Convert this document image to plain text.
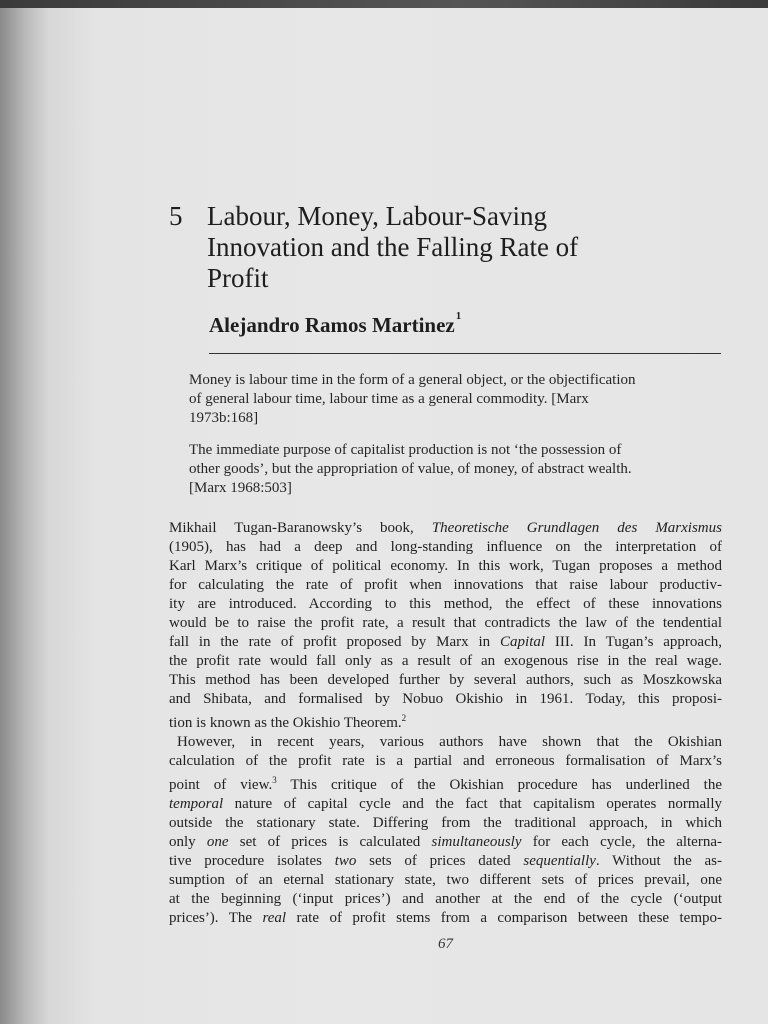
5 Labour, Money, Labour-Saving
Innovation and the Falling Rate of
Profit
Alejandro Ramos Martinez$^1$
Money is labour time in the form of a general object, or the objectification
of general labour time, labour time as a general commodity. [Marx
1973b:168]
The immediate purpose of capitalist production is not ‘the possession of
other goods’, but the appropriation of value, of money, of abstract wealth.
[Marx 1968:503]
Mikhail Tugan-Baranowsky’s book, Theoretische Grundlagen des Marxismus
(1905), has had a deep and long-standing influence on the interpretation of
Karl Marx’s critique of political economy. In this work, Tugan proposes a method
for calculating the rate of profit when innovations that raise labour productiv-
ity are introduced. According to this method, the effect of these innovations
would be to raise the profit rate, a result that contradicts the law of the tendential
fall in the rate of profit proposed by Marx in Capital III. In Tugan’s approach,
the profit rate would fall only as a result of an exogenous rise in the real wage.
This method has been developed further by several authors, such as Moszkowska
and Shibata, and formalised by Nobuo Okishio in 1961. Today, this proposi-
tion is known as the Okishio Theorem.$^2$
However, in recent years, various authors have shown that the Okishian
calculation of the profit rate is a partial and erroneous formalisation of Marx’s
point of view.$^3$ This critique of the Okishian procedure has underlined the
temporal nature of capital cycle and the fact that capitalism operates normally
outside the stationary state. Differing from the traditional approach, in which
only one set of prices is calculated simultaneously for each cycle, the alterna-
tive procedure isolates two sets of prices dated sequentially. Without the as-
sumption of an eternal stationary state, two different sets of prices prevail, one
at the beginning (‘input prices’) and another at the end of the cycle (‘output
prices’). The real rate of profit stems from a comparison between these tempo-
67
